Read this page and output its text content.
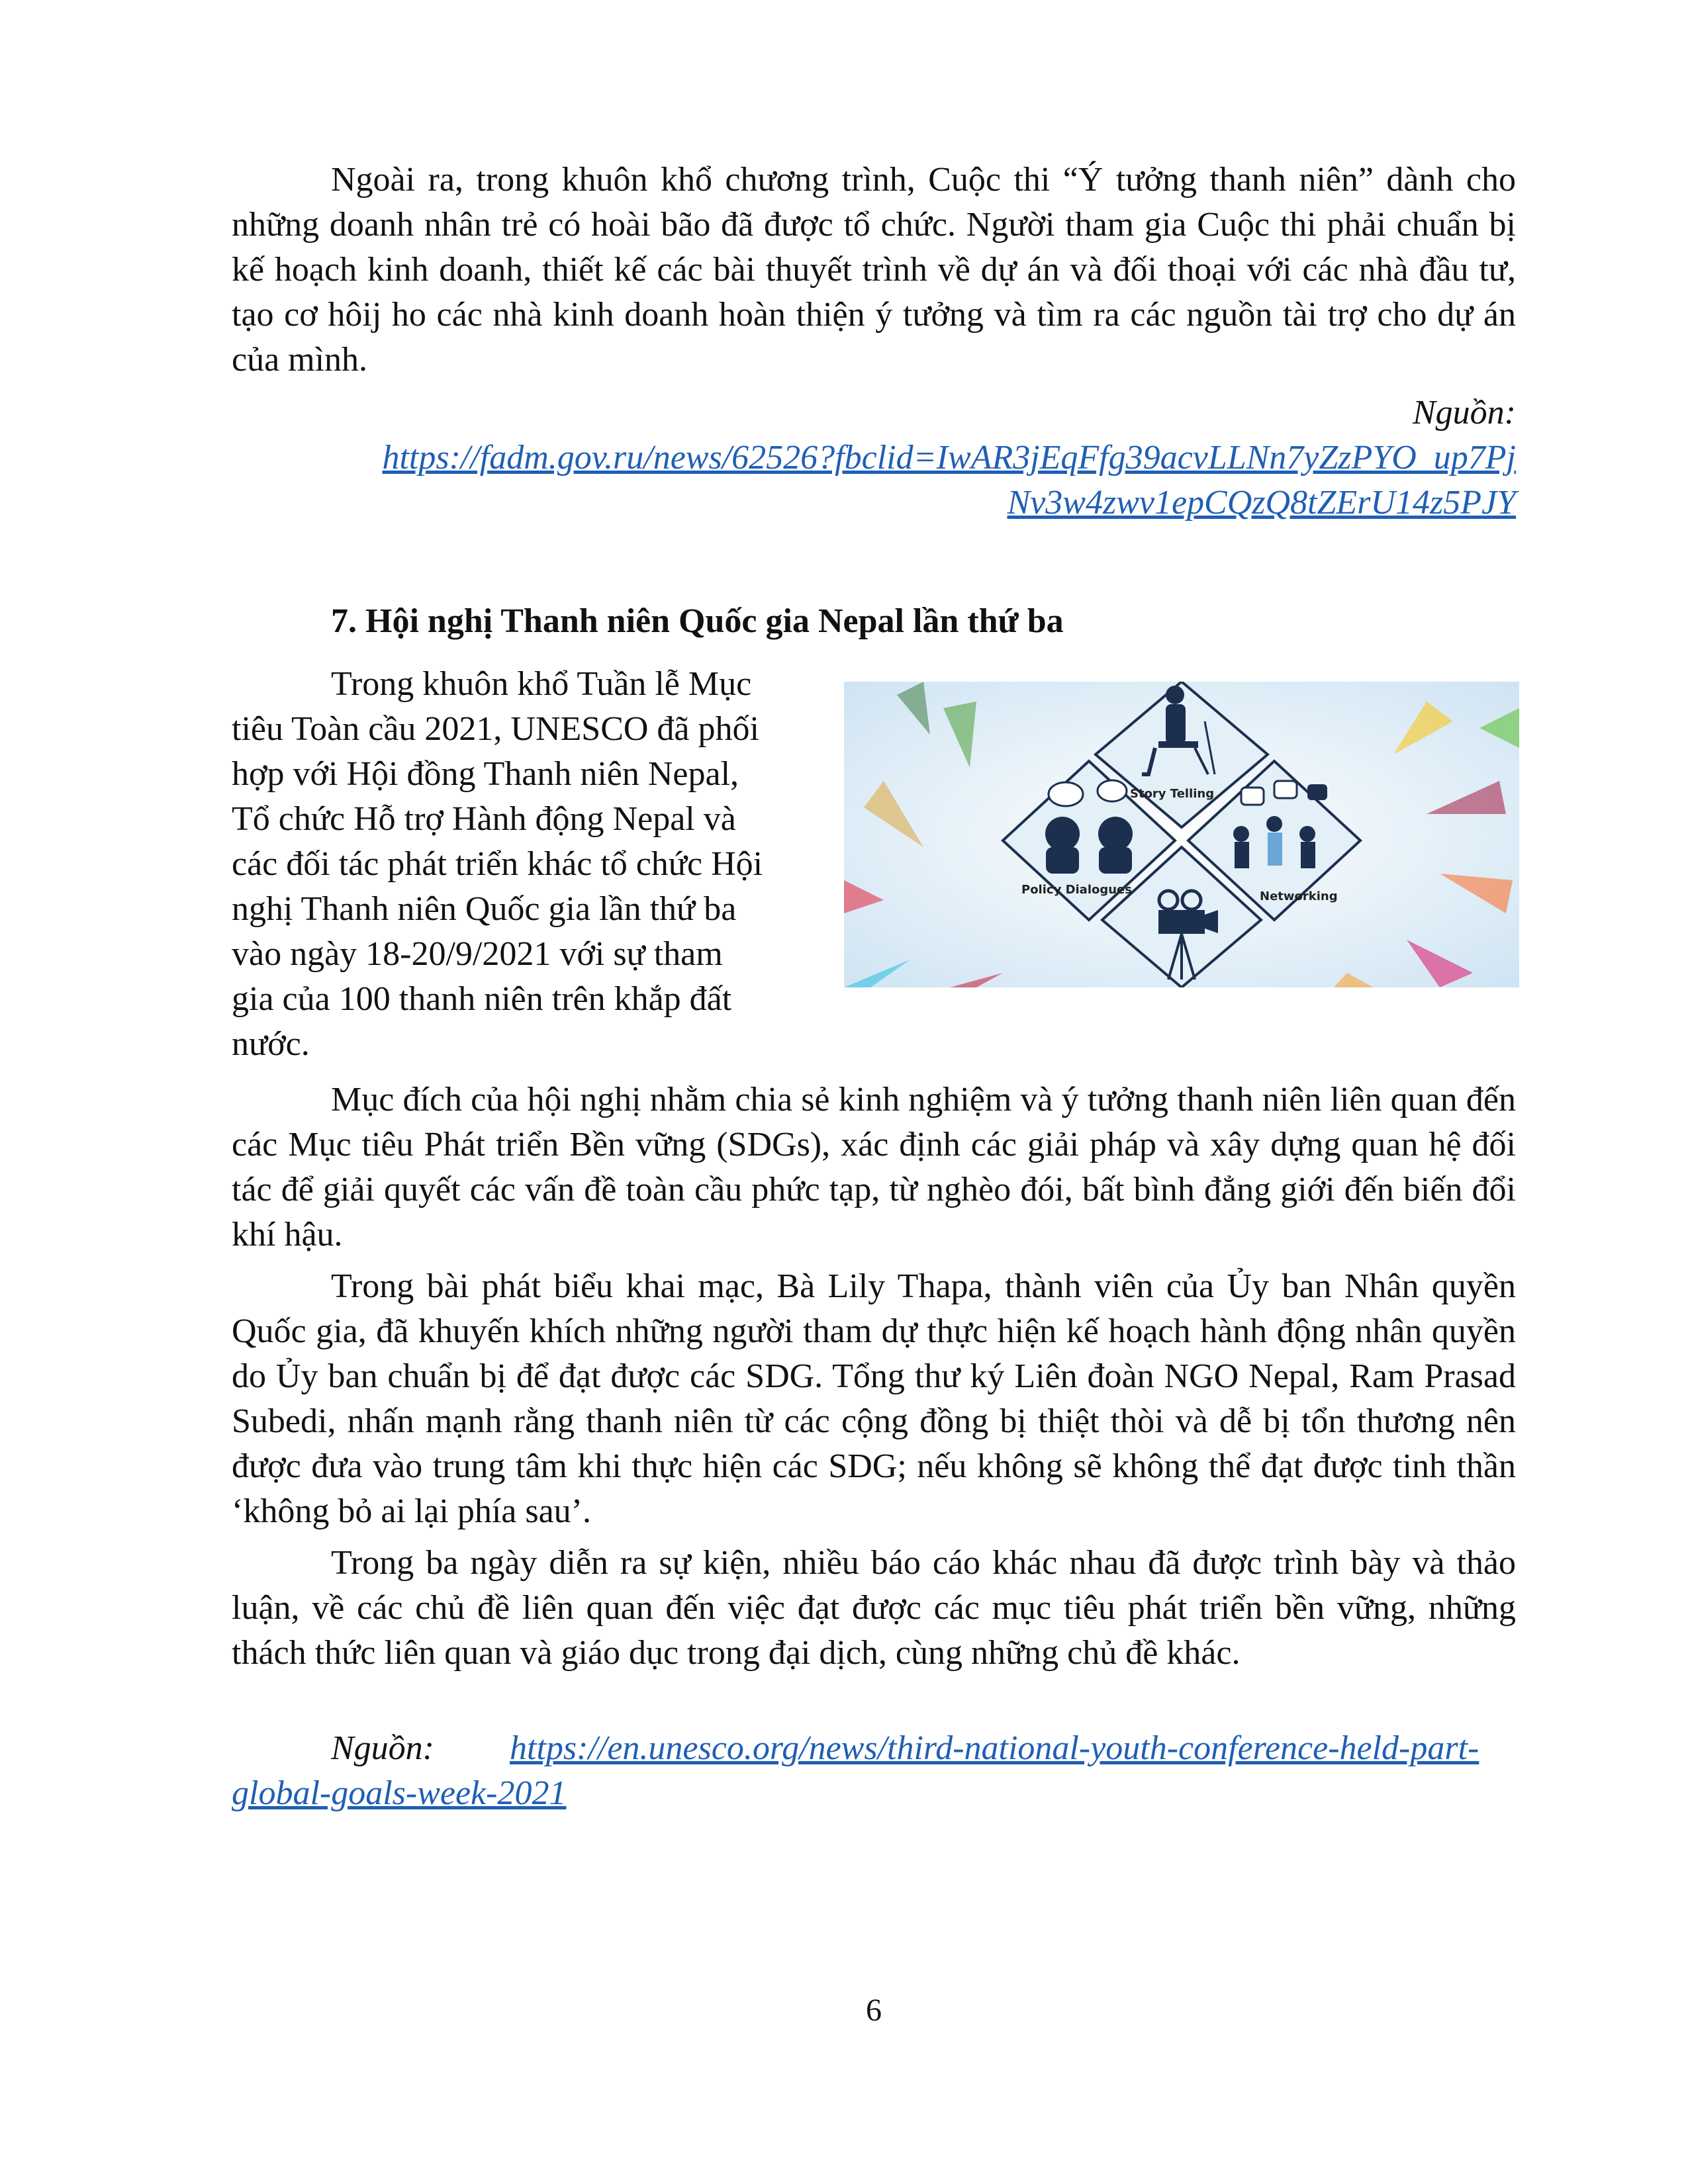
Ngoài ra, trong khuôn khổ chương trình, Cuộc thi “Ý tưởng thanh niên” dành cho những doanh nhân trẻ có hoài bão đã được tổ chức. Người tham gia Cuộc thi phải chuẩn bị kế hoạch kinh doanh, thiết kế các bài thuyết trình về dự án và đối thoại với các nhà đầu tư, tạo cơ hôij ho các nhà kinh doanh hoàn thiện ý tưởng và tìm ra các nguồn tài trợ cho dự án của mình.

Nguồn:
https://fadm.gov.ru/news/62526?fbclid=IwAR3jEqFfg39acvLLNn7yZzPYO_up7Pj
Nv3w4zwv1epCQzQ8tZErU14z5PJY
7. Hội nghị Thanh niên Quốc gia Nepal lần thứ ba

Trong khuôn khổ Tuần lễ Mục

tiêu Toàn cầu 2021, UNESCO đã phối

hợp với Hội đồng Thanh niên Nepal,

Tổ chức Hỗ trợ Hành động Nepal và

các đối tác phát triển khác tổ chức Hội

nghị Thanh niên Quốc gia lần thứ ba

vào ngày 18-20/9/2021 với sự tham

gia của 100 thanh niên trên khắp đất

nước.

Story Telling
Policy Dialogues	Networking

Mục đích của hội nghị nhằm chia sẻ kinh nghiệm và ý tưởng thanh niên liên quan đến các Mục tiêu Phát triển Bền vững (SDGs), xác định các giải pháp và xây dựng quan hệ đối tác để giải quyết các vấn đề toàn cầu phức tạp, từ nghèo đói, bất bình đẳng giới đến biến đổi khí hậu.

Trong bài phát biểu khai mạc, Bà Lily Thapa, thành viên của Ủy ban Nhân quyền Quốc gia, đã khuyến khích những người tham dự thực hiện kế hoạch hành động nhân quyền do Ủy ban chuẩn bị để đạt được các SDG. Tổng thư ký Liên đoàn NGO Nepal, Ram Prasad Subedi, nhấn mạnh rằng thanh niên từ các cộng đồng bị thiệt thòi và dễ bị tổn thương nên được đưa vào trung tâm khi thực hiện các SDG; nếu không sẽ không thể đạt được tinh thần ‘không bỏ ai lại phía sau’.

Trong ba ngày diễn ra sự kiện, nhiều báo cáo khác nhau đã được trình bày và thảo luận, về các chủ đề liên quan đến việc đạt được các mục tiêu phát triển bền vững, những thách thức liên quan và giáo dục trong đại dịch, cùng những chủ đề khác.

Nguồn: https://en.unesco.org/news/third-national-youth-conference-held-part-global-goals-week-2021
6
